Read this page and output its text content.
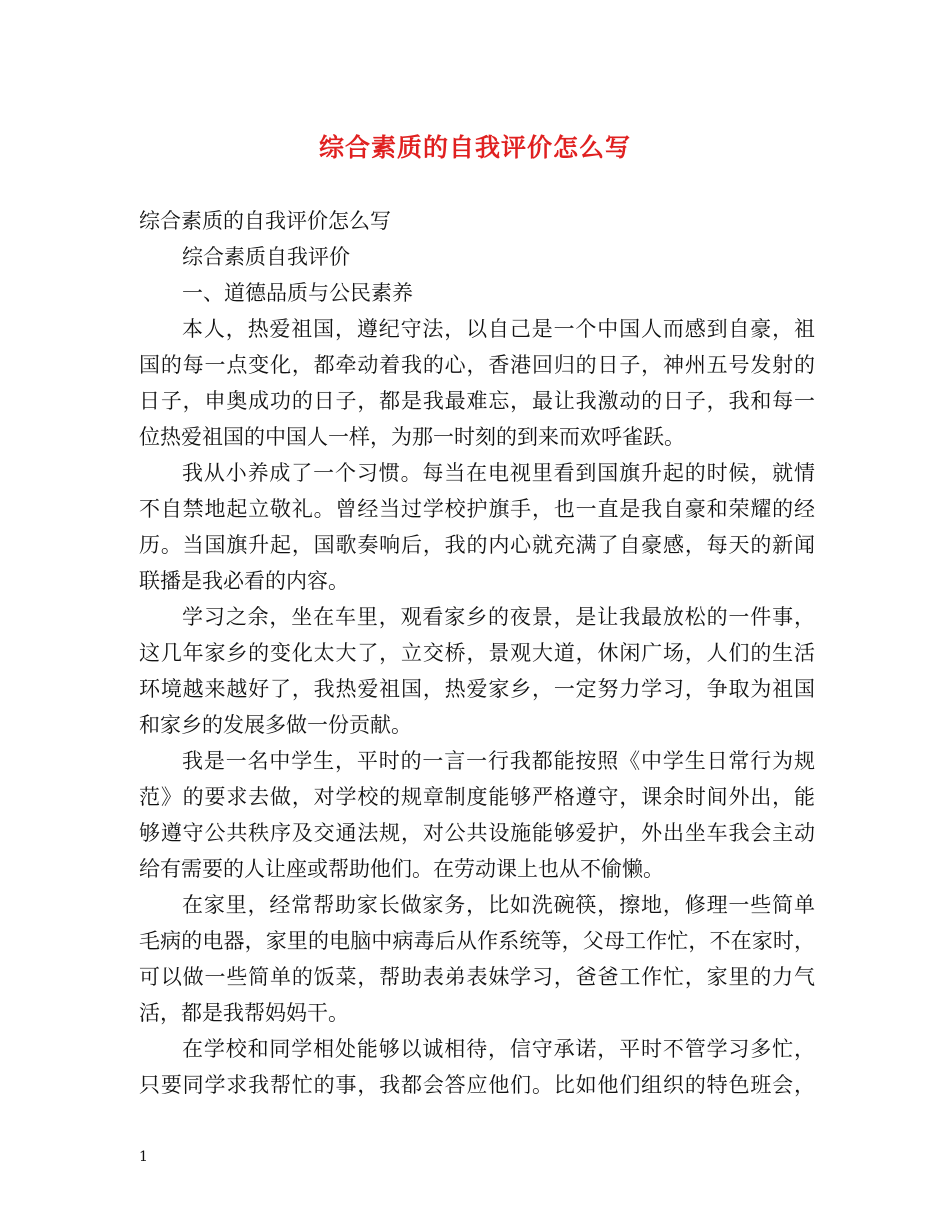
综合素质的自我评价怎么写
综合素质的自我评价怎么写
综合素质自我评价
一、道德品质与公民素养
本人，热爱祖国，遵纪守法，以自己是一个中国人而感到自豪，祖
国的每一点变化，都牵动着我的心，香港回归的日子，神州五号发射的
日子，申奥成功的日子，都是我最难忘，最让我激动的日子，我和每一
位热爱祖国的中国人一样，为那一时刻的到来而欢呼雀跃。
我从小养成了一个习惯。每当在电视里看到国旗升起的时候，就情
不自禁地起立敬礼。曾经当过学校护旗手，也一直是我自豪和荣耀的经
历。当国旗升起，国歌奏响后，我的内心就充满了自豪感，每天的新闻
联播是我必看的内容。
学习之余，坐在车里，观看家乡的夜景，是让我最放松的一件事，
这几年家乡的变化太大了，立交桥，景观大道，休闲广场，人们的生活
环境越来越好了，我热爱祖国，热爱家乡，一定努力学习，争取为祖国
和家乡的发展多做一份贡献。
我是一名中学生，平时的一言一行我都能按照《中学生日常行为规
范》的要求去做，对学校的规章制度能够严格遵守，课余时间外出，能
够遵守公共秩序及交通法规，对公共设施能够爱护，外出坐车我会主动
给有需要的人让座或帮助他们。在劳动课上也从不偷懒。
在家里，经常帮助家长做家务，比如洗碗筷，擦地，修理一些简单
毛病的电器，家里的电脑中病毒后从作系统等，父母工作忙，不在家时，
可以做一些简单的饭菜，帮助表弟表妹学习，爸爸工作忙，家里的力气
活，都是我帮妈妈干。
在学校和同学相处能够以诚相待，信守承诺，平时不管学习多忙，
只要同学求我帮忙的事，我都会答应他们。比如他们组织的特色班会，
1
